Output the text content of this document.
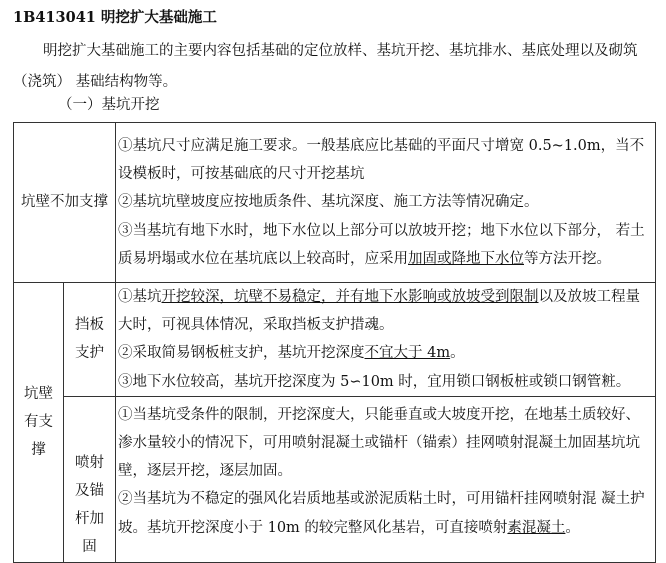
1B413041 明挖扩大基础施工
明挖扩大基础施工的主要内容包括基础的定位放样、基坑开挖、基坑排水、基底处理以及砌筑（浇筑） 基础结构物等。
（一）基坑开挖
坑壁不加支撑		①基坑尺寸应满足施工要求。一般基底应比基础的平面尺寸增宽 0.5~1.0m，当不设模板时，可按基础底的尺寸开挖基坑

②基坑坑壁坡度应按地质条件、基坑深度、施工方法等情况确定。

③当基坑有地下水时，地下水位以上部分可以放坡开挖；地下水位以下部分， 若土质易坍塌或水位在基坑底以上较高时，应采用加固或降地下水位等方法开挖。

坑壁有支撑	挡板支护	①基坑开挖较深，坑壁不易稳定，并有地下水影响或放坡受到限制以及放坡工程量大时，可视具体情况，采取挡板支护措魂。

②采取简易钢板桩支护，基坑开挖深度不宜大于 4m。

③地下水位较高，基坑开挖深度为 5∽10m 时，宜用锁口钢板桩或锁口钢管粧。

	喷射及锚杆加固	①当基坑受条件的限制，开挖深度大，只能垂直或大坡度开挖，在地基土质较好、渗水量较小的情况下，可用喷射混凝土或锚杆（锚索）挂网喷射混凝土加固基坑坑壁，逐层开挖，逐层加固。

②当基坑为不稳定的强风化岩质地基或淤泥质粘土时，可用锚杆挂网喷射混 凝土护坡。基坑开挖深度小于 10m 的较完整风化基岩，可直接喷射素混凝土。
